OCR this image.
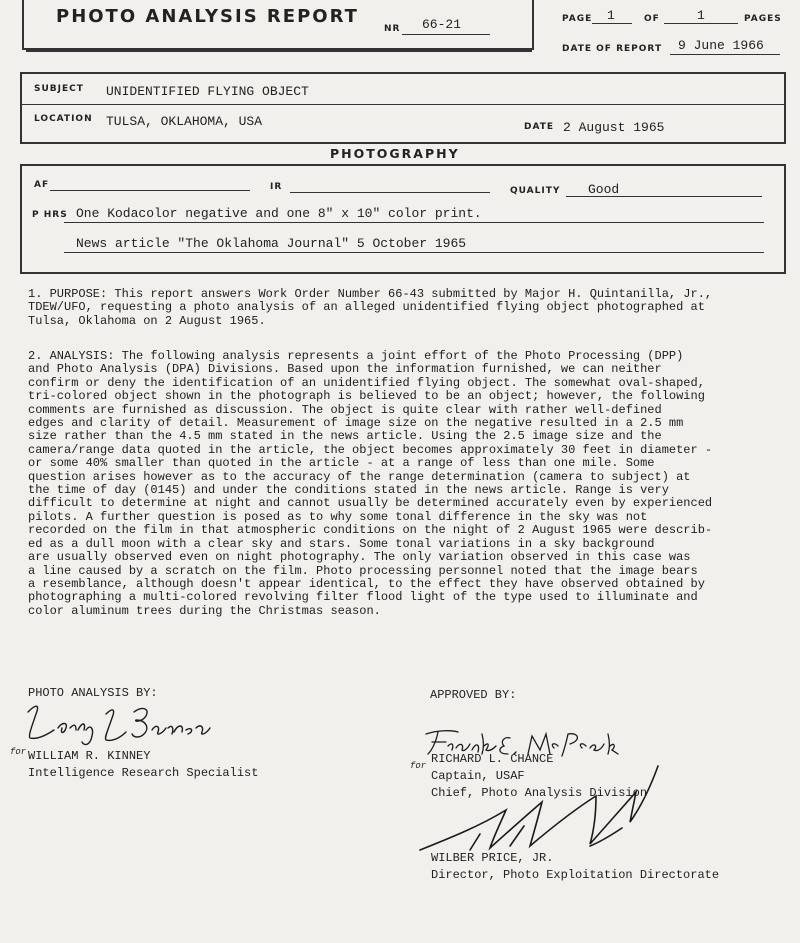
PHOTO ANALYSIS REPORT
NR 66-21	PAGE 1	OF	1	PAGES
DATE OF REPORT 9 June 1966
SUBJECT UNIDENTIFIED FLYING OBJECT
LOCATION TULSA, OKLAHOMA, USA	DATE 2 August 1965
PHOTOGRAPHY
AF	IR	QUALITY Good
P HRS One Kodacolor negative and one 8" x 10" color print.
News article "The Oklahoma Journal" 5 October 1965
1. PURPOSE: This report answers Work Order Number 66-43 submitted by Major H. Quintanilla, Jr.,
TDEW/UFO, requesting a photo analysis of an alleged unidentified flying object photographed at
Tulsa, Oklahoma on 2 August 1965.
2. ANALYSIS: The following analysis represents a joint effort of the Photo Processing (DPP)
and Photo Analysis (DPA) Divisions. Based upon the information furnished, we can neither
confirm or deny the identification of an unidentified flying object. The somewhat oval-shaped,
tri-colored object shown in the photograph is believed to be an object; however, the following
comments are furnished as discussion. The object is quite clear with rather well-defined
edges and clarity of detail. Measurement of image size on the negative resulted in a 2.5 mm
size rather than the 4.5 mm stated in the news article. Using the 2.5 image size and the
camera/range data quoted in the article, the object becomes approximately 30 feet in diameter -
or some 40% smaller than quoted in the article - at a range of less than one mile. Some
question arises however as to the accuracy of the range determination (camera to subject) at
the time of day (0145) and under the conditions stated in the news article. Range is very
difficult to determine at night and cannot usually be determined accurately even by experienced
pilots. A further question is posed as to why some tonal difference in the sky was not
recorded on the film in that atmospheric conditions on the night of 2 August 1965 were describ-
ed as a dull moon with a clear sky and stars. Some tonal variations in a sky background
are usually observed even on night photography. The only variation observed in this case was
a line caused by a scratch on the film. Photo processing personnel noted that the image bears
a resemblance, although doesn't appear identical, to the effect they have observed obtained by
photographing a multi-colored revolving filter flood light of the type used to illuminate and
color aluminum trees during the Christmas season.
PHOTO ANALYSIS BY:
for WILLIAM R. KINNEY
Intelligence Research Specialist
APPROVED BY:
for RICHARD L. CHANCE
Captain, USAF
Chief, Photo Analysis Division
WILBER PRICE, JR.
Director, Photo Exploitation Directorate
